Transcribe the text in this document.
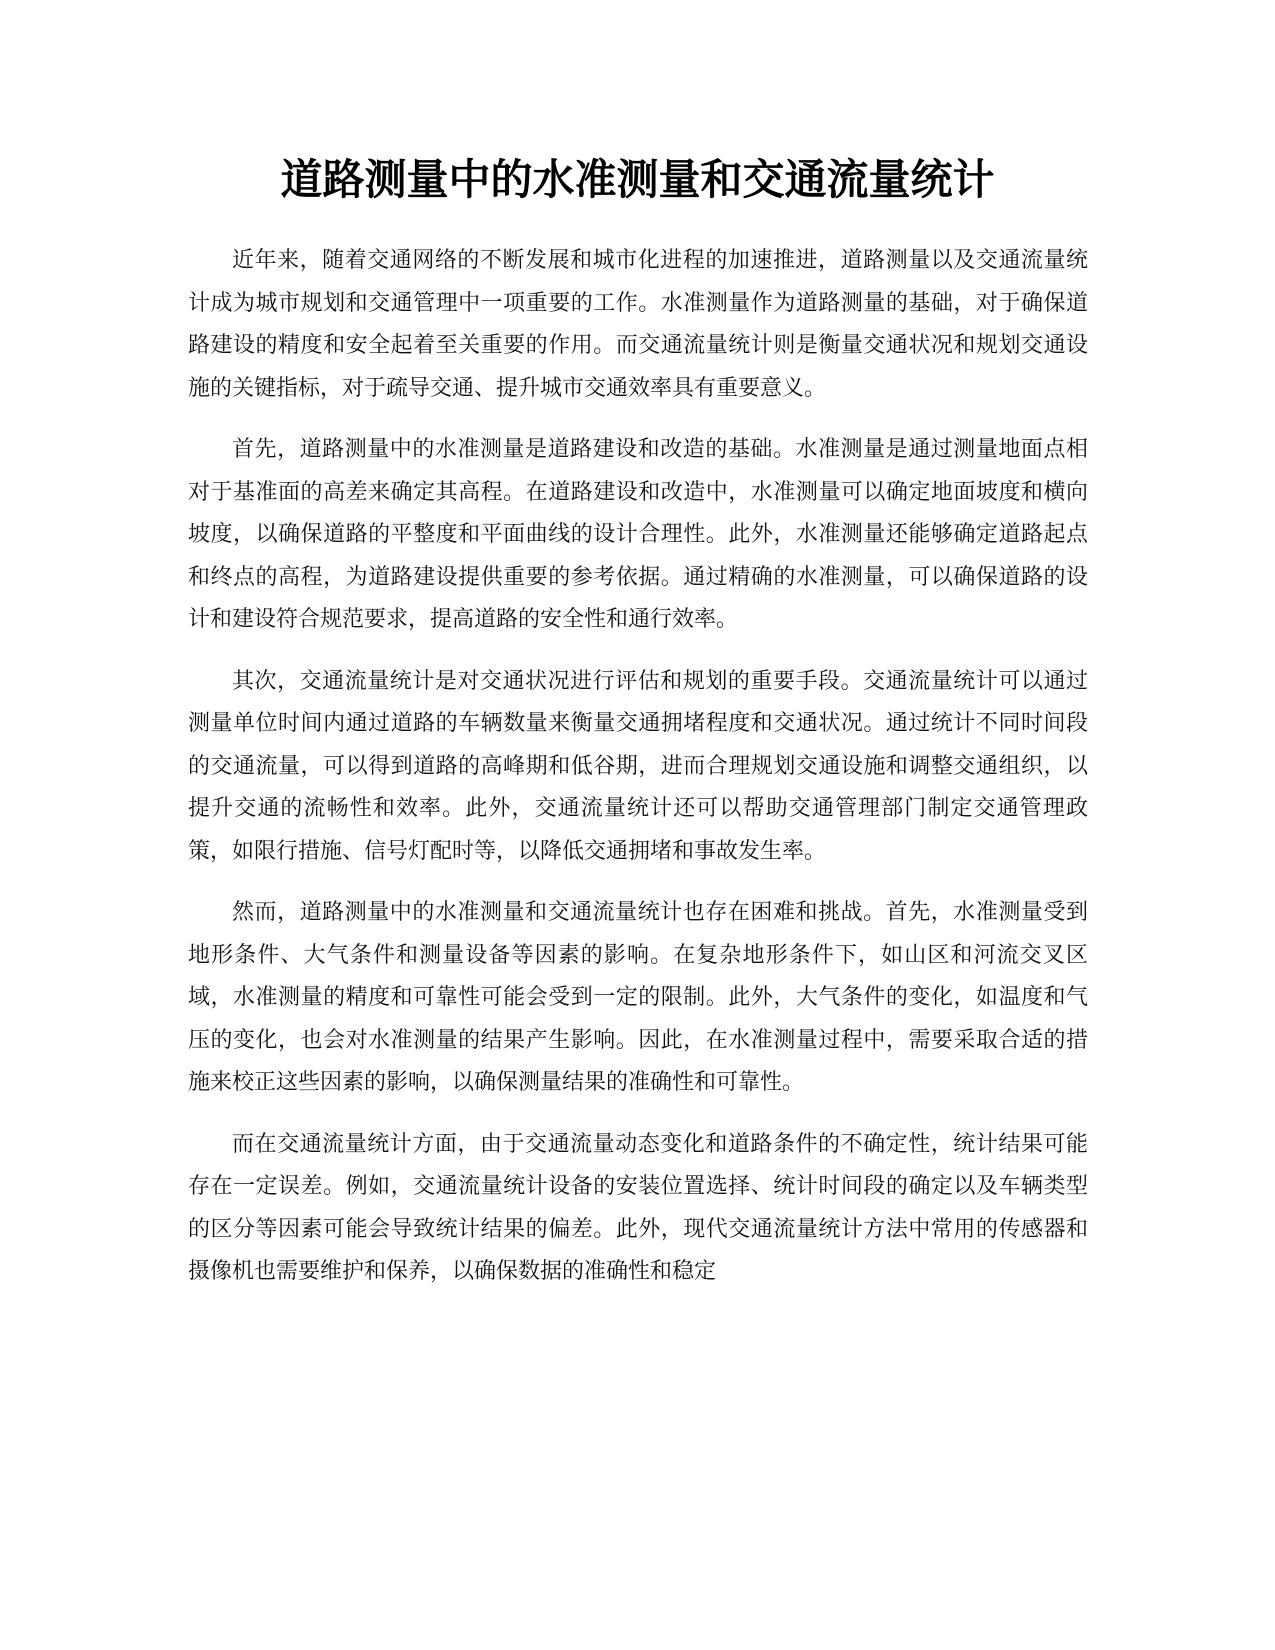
道路测量中的水准测量和交通流量统计

近年来，随着交通网络的不断发展和城市化进程的加速推进，道路测量以及交通流量统计成为城市规划和交通管理中一项重要的工作。水准测量作为道路测量的基础，对于确保道路建设的精度和安全起着至关重要的作用。而交通流量统计则是衡量交通状况和规划交通设施的关键指标，对于疏导交通、提升城市交通效率具有重要意义。

首先，道路测量中的水准测量是道路建设和改造的基础。水准测量是通过测量地面点相对于基准面的高差来确定其高程。在道路建设和改造中，水准测量可以确定地面坡度和横向坡度，以确保道路的平整度和平面曲线的设计合理性。此外，水准测量还能够确定道路起点和终点的高程，为道路建设提供重要的参考依据。通过精确的水准测量，可以确保道路的设计和建设符合规范要求，提高道路的安全性和通行效率。

其次，交通流量统计是对交通状况进行评估和规划的重要手段。交通流量统计可以通过测量单位时间内通过道路的车辆数量来衡量交通拥堵程度和交通状况。通过统计不同时间段的交通流量，可以得到道路的高峰期和低谷期，进而合理规划交通设施和调整交通组织，以提升交通的流畅性和效率。此外，交通流量统计还可以帮助交通管理部门制定交通管理政策，如限行措施、信号灯配时等，以降低交通拥堵和事故发生率。

然而，道路测量中的水准测量和交通流量统计也存在困难和挑战。首先，水准测量受到地形条件、大气条件和测量设备等因素的影响。在复杂地形条件下，如山区和河流交叉区域，水准测量的精度和可靠性可能会受到一定的限制。此外，大气条件的变化，如温度和气压的变化，也会对水准测量的结果产生影响。因此，在水准测量过程中，需要采取合适的措施来校正这些因素的影响，以确保测量结果的准确性和可靠性。

而在交通流量统计方面，由于交通流量动态变化和道路条件的不确定性，统计结果可能存在一定误差。例如，交通流量统计设备的安装位置选择、统计时间段的确定以及车辆类型的区分等因素可能会导致统计结果的偏差。此外，现代交通流量统计方法中常用的传感器和摄像机也需要维护和保养，以确保数据的准确性和稳定
